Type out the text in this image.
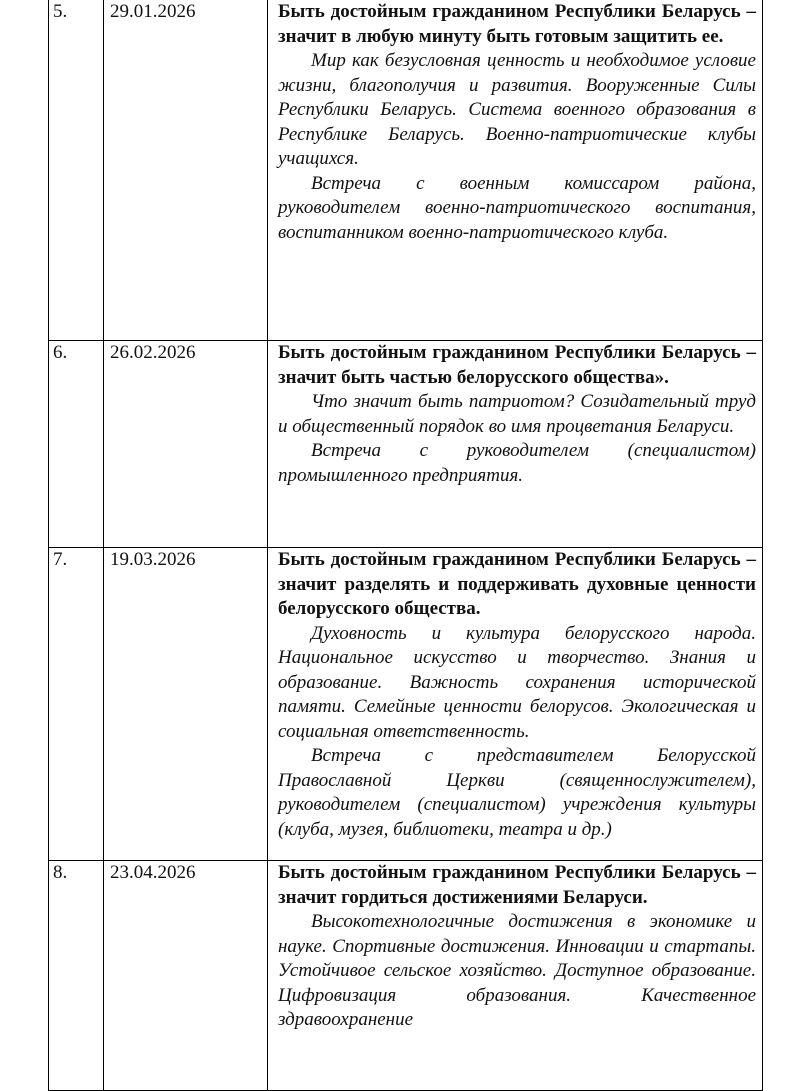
5.	29.01.2026	Быть достойным гражданином Республики Беларусь – значит в любую минуту быть готовым защитить ее.

Мир как безусловная ценность и необходимое условие жизни, благополучия и развития. Вооруженные Силы Республики Беларусь. Система военного образования в Республике Беларусь. Военно-патриотические клубы учащихся.

Встреча с военным комиссаром района, руководителем военно-патриотического воспитания, воспитанником военно-патриотического клуба.

6.	26.02.2026	Быть достойным гражданином Республики Беларусь – значит быть частью белорусского общества».

Что значит быть патриотом? Созидательный труд и общественный порядок во имя процветания Беларуси.

Встреча с руководителем (специалистом) промышленного предприятия.

7.	19.03.2026	Быть достойным гражданином Республики Беларусь – значит разделять и поддерживать духовные ценности белорусского общества.

Духовность и культура белорусского народа. Национальное искусство и творчество. Знания и образование. Важность сохранения исторической памяти. Семейные ценности белорусов. Экологическая и социальная ответственность.

Встреча с представителем Белорусской Православной Церкви (священнослужителем), руководителем (специалистом) учреждения культуры (клуба, музея, библиотеки, театра и др.)

8.	23.04.2026	Быть достойным гражданином Республики Беларусь – значит гордиться достижениями Беларуси.

Высокотехнологичные достижения в экономике и науке. Спортивные достижения. Инновации и стартапы. Устойчивое сельское хозяйство. Доступное образование. Цифровизация образования. Качественное здравоохранение
